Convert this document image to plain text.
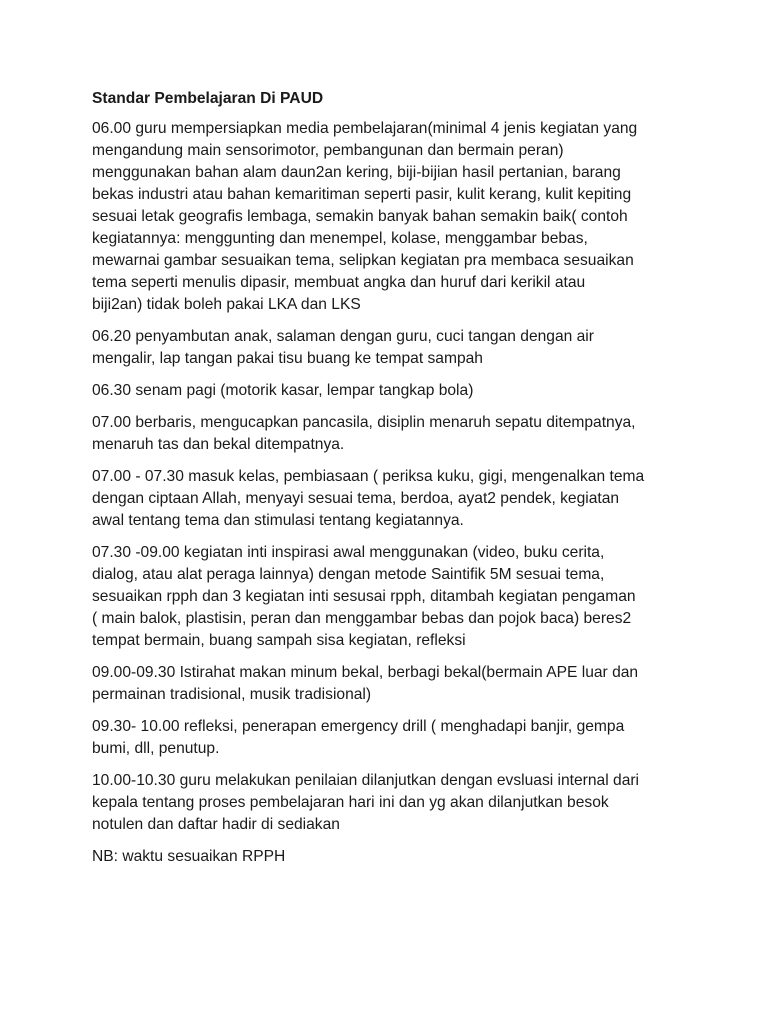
Standar Pembelajaran Di PAUD
06.00 guru mempersiapkan media pembelajaran(minimal 4 jenis kegiatan yang
mengandung main sensorimotor, pembangunan dan bermain peran)
menggunakan bahan alam daun2an kering, biji-bijian hasil pertanian, barang
bekas industri atau bahan kemaritiman seperti pasir, kulit kerang, kulit kepiting
sesuai letak geografis lembaga, semakin banyak bahan semakin baik( contoh
kegiatannya: menggunting dan menempel, kolase, menggambar bebas,
mewarnai gambar sesuaikan tema, selipkan kegiatan pra membaca sesuaikan
tema seperti menulis dipasir, membuat angka dan huruf dari kerikil atau
biji2an) tidak boleh pakai LKA dan LKS
06.20 penyambutan anak, salaman dengan guru, cuci tangan dengan air
mengalir, lap tangan pakai tisu buang ke tempat sampah
06.30 senam pagi (motorik kasar, lempar tangkap bola)
07.00 berbaris, mengucapkan pancasila, disiplin menaruh sepatu ditempatnya,
menaruh tas dan bekal ditempatnya.
07.00 - 07.30 masuk kelas, pembiasaan ( periksa kuku, gigi, mengenalkan tema
dengan ciptaan Allah, menyayi sesuai tema, berdoa, ayat2 pendek, kegiatan
awal tentang tema dan stimulasi tentang kegiatannya.
07.30 -09.00 kegiatan inti inspirasi awal menggunakan (video, buku cerita,
dialog, atau alat peraga lainnya) dengan metode Saintifik 5M sesuai tema,
sesuaikan rpph dan 3 kegiatan inti sesusai rpph, ditambah kegiatan pengaman
( main balok, plastisin, peran dan menggambar bebas dan pojok baca) beres2
tempat bermain, buang sampah sisa kegiatan, refleksi
09.00-09.30 Istirahat makan minum bekal, berbagi bekal(bermain APE luar dan
permainan tradisional, musik tradisional)
09.30- 10.00 refleksi, penerapan emergency drill ( menghadapi banjir, gempa
bumi, dll, penutup.
10.00-10.30 guru melakukan penilaian dilanjutkan dengan evsluasi internal dari
kepala tentang proses pembelajaran hari ini dan yg akan dilanjutkan besok
notulen dan daftar hadir di sediakan
NB: waktu sesuaikan RPPH
